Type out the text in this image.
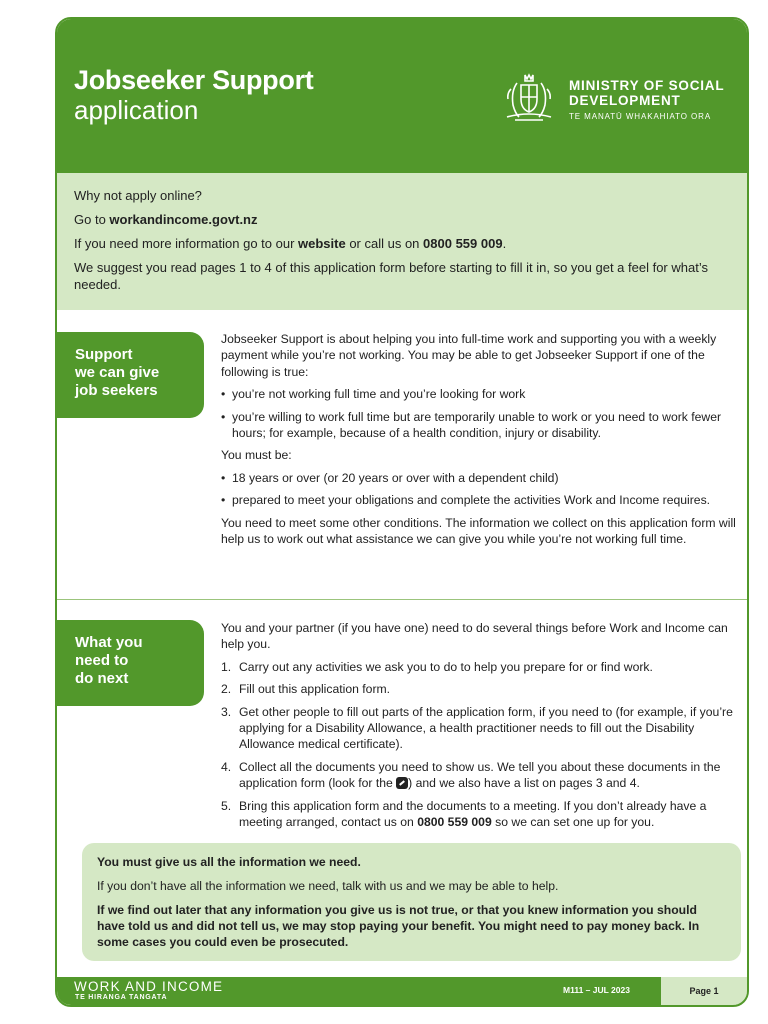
Jobseeker Support
application
MINISTRY OF SOCIAL
DEVELOPMENT
TE MANATŪ WHAKAHIATO ORA

Why not apply online?

Go to workandincome.govt.nz

If you need more information go to our website or call us on 0800 559 009.

We suggest you read pages 1 to 4 of this application form before starting to fill it in, so you get a feel for what’s needed.

Support
we can give
job seekers

Jobseeker Support is about helping you into full-time work and supporting you with a weekly payment while you’re not working. You may be able to get Jobseeker Support if one of the following is true:

• you’re not working full time and you’re looking for work
• you’re willing to work full time but are temporarily unable to work or you need to work fewer hours; for example, because of a health condition, injury or disability.

You must be:

• 18 years or over (or 20 years or over with a dependent child)
• prepared to meet your obligations and complete the activities Work and Income requires.

You need to meet some other conditions. The information we collect on this application form will help us to work out what assistance we can give you while you’re not working full time.

What you
need to
do next

You and your partner (if you have one) need to do several things before Work and Income can help you.

1. Carry out any activities we ask you to do to help you prepare for or find work.
2. Fill out this application form.
3. Get other people to fill out parts of the application form, if you need to (for example, if you’re applying for a Disability Allowance, a health practitioner needs to fill out the Disability Allowance medical certificate).
4. Collect all the documents you need to show us. We tell you about these documents in the application form (look for the ) and we also have a list on pages 3 and 4.
5. Bring this application form and the documents to a meeting. If you don’t already have a meeting arranged, contact us on 0800 559 009 so we can set one up for you.

You must give us all the information we need.

If you don’t have all the information we need, talk with us and we may be able to help.

If we find out later that any information you give us is not true, or that you knew information you should have told us and did not tell us, we may stop paying your benefit. You might need to pay money back. In some cases you could even be prosecuted.

WORK AND INCOME
TE HIRANGA TANGATA
M111 – JUL 2023	Page 1
